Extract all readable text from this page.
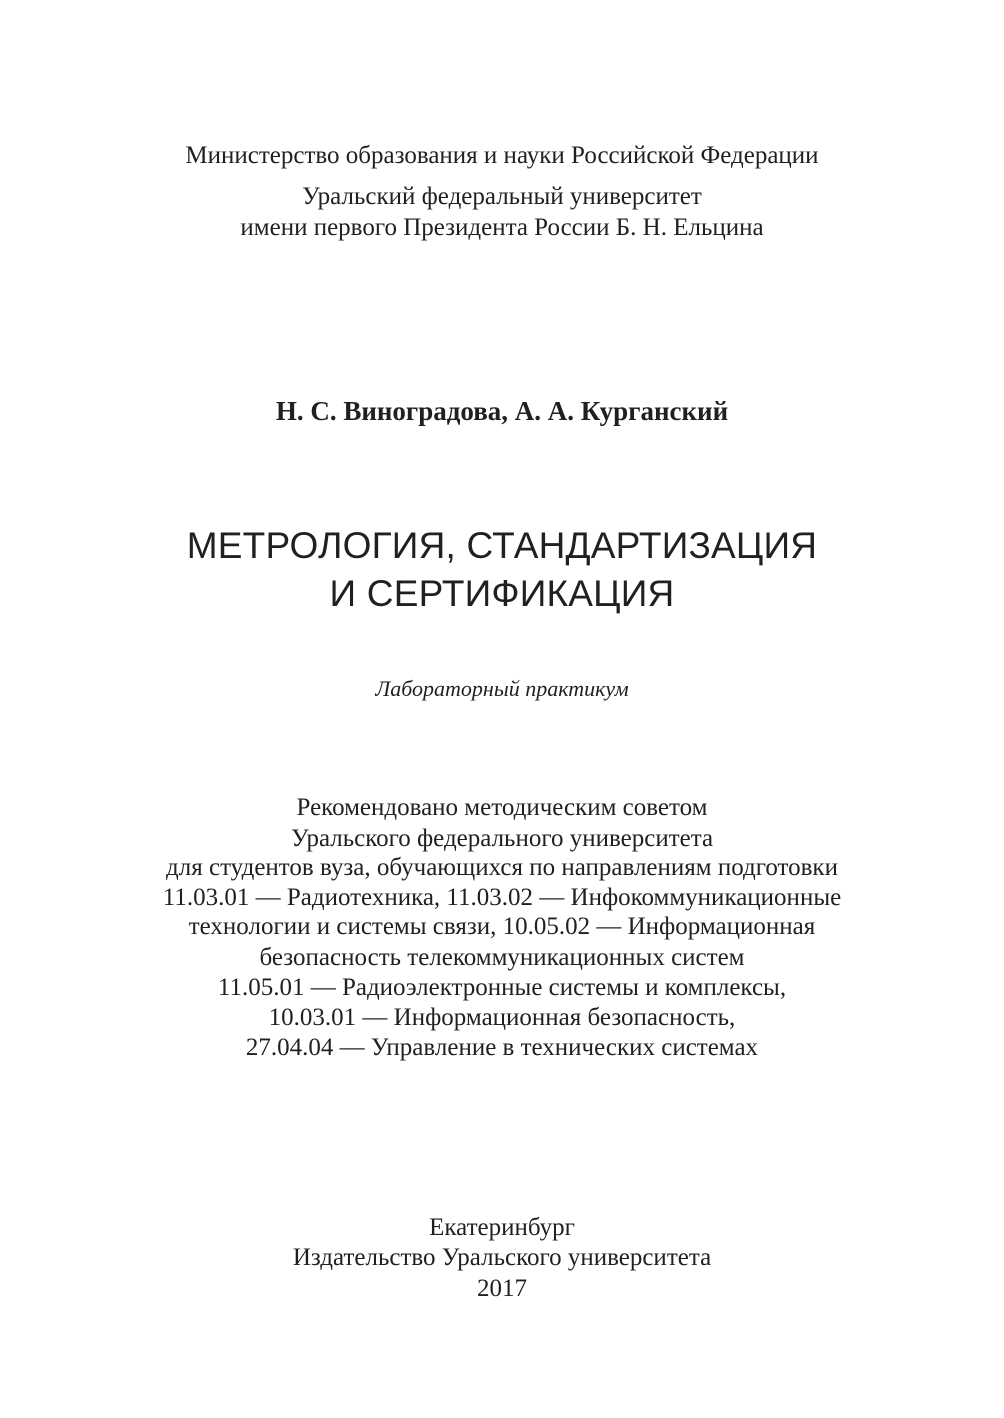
Министерство образования и науки Российской Федерации
Уральский федеральный университет
имени первого Президента России Б. Н. Ельцина
Н. С. Виноградова, А. А. Курганский
МЕТРОЛОГИЯ, СТАНДАРТИЗАЦИЯ
И СЕРТИФИКАЦИЯ
Лабораторный практикум
Рекомендовано методическим советом
Уральского федерального университета
для студентов вуза, обучающихся по направлениям подготовки
11.03.01 — Радиотехника, 11.03.02 — Инфокоммуникационные
технологии и системы связи, 10.05.02 — Информационная
безопасность телекоммуникационных систем
11.05.01 — Радиоэлектронные системы и комплексы,
10.03.01 — Информационная безопасность,
27.04.04 — Управление в технических системах
Екатеринбург
Издательство Уральского университета
2017
